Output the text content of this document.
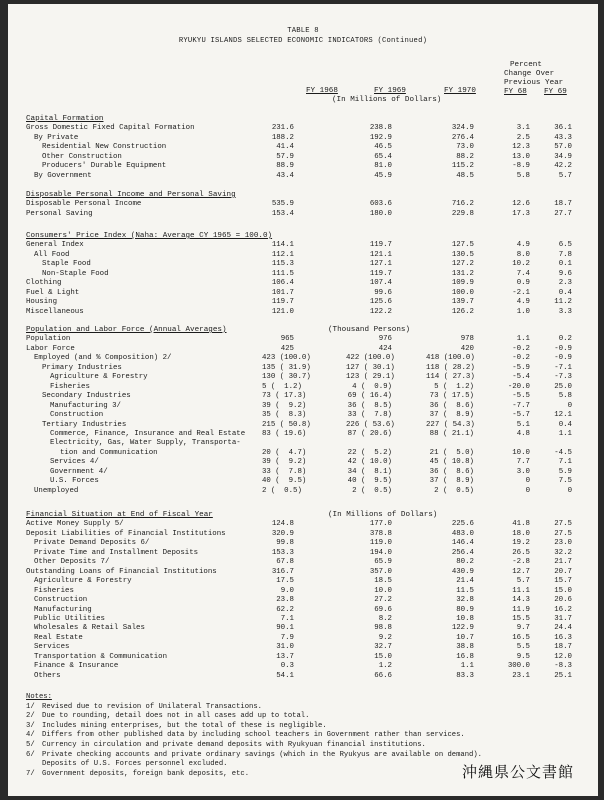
TABLE 8
RYUKYU ISLANDS SELECTED ECONOMIC INDICATORS (Continued)
Percent
Change Over
Previous Year
FY 68 FY 69
FY 1968	FY 1969	FY 1970
(In Millions of Dollars)
Capital Formation
Gross Domestic Fixed Capital Formation	231.6	238.8	324.9	3.1	36.1
By Private	188.2	192.9	276.4	2.5	43.3
Residential New Construction	41.4	46.5	73.0	12.3	57.0
Other Construction	57.9	65.4	88.2	13.0	34.9
Producers' Durable Equipment	88.9	81.0	115.2	-8.9	42.2
By Government	43.4	45.9	48.5	5.8	5.7
Disposable Personal Income and Personal Saving
Disposable Personal Income	535.9	603.6	716.2	12.6	18.7
Personal Saving	153.4	180.0	229.8	17.3	27.7
Consumers' Price Index (Naha: Average CY 1965 = 100.0)
General Index	114.1	119.7	127.5	4.9	6.5
All Food	112.1	121.1	130.5	8.0	7.8
Staple Food	115.3	127.1	127.2	10.2	0.1
Non-Staple Food	111.5	119.7	131.2	7.4	9.6
Clothing	106.4	107.4	109.9	0.9	2.3
Fuel & Light	101.7	99.6	100.0	-2.1	0.4
Housing	119.7	125.6	139.7	4.9	11.2
Miscellaneous	121.0	122.2	126.2	1.0	3.3
Population and Labor Force (Annual Averages)	(Thousand Persons)
Population	965	976	978	1.1	0.2
Labor Force	425	424	420	-0.2	-0.9
Employed (and % Composition) 2/	423 (100.0)	422 (100.0)	418 (100.0)	-0.2	-0.9
Primary Industries	135 ( 31.9)	127 ( 30.1)	118 ( 28.2)	-5.9	-7.1
Agriculture & Forestry	130 ( 30.7)	123 ( 29.1)	114 ( 27.3)	-5.4	-7.3
Fisheries	5 (  1.2)	4 (  0.9)	5 (  1.2)	-20.0	25.0
Secondary Industries	73 ( 17.3)	69 ( 16.4)	73 ( 17.5)	-5.5	5.8
Manufacturing 3/	39 (  9.2)	36 (  8.5)	36 (  8.6)	-7.7	0
Construction	35 (  8.3)	33 (  7.8)	37 (  8.9)	-5.7	12.1
Tertiary Industries	215 ( 50.8)	226 ( 53.6)	227 ( 54.3)	5.1	0.4
Commerce, Finance, Insurance and Real Estate 83 ( 19.6)	87 ( 20.6)	88 ( 21.1)	4.8	1.1
Electricity, Gas, Water Supply, Transporta-
tion and Communication	20 (  4.7)	22 (  5.2)	21 (  5.0)	10.0	-4.5
Services 4/	39 (  9.2)	42 ( 10.0)	45 ( 10.8)	7.7	7.1
Government 4/	33 (  7.8)	34 (  8.1)	36 (  8.6)	3.0	5.9
U.S. Forces	40 (  9.5)	40 (  9.5)	37 (  8.9)	0	7.5
Unemployed	2 (  0.5)	2 (  0.5)	2 (  0.5)	0	0
Financial Situation at End of Fiscal Year	(In Millions of Dollars)
Active Money Supply 5/	124.8	177.0	225.6	41.8	27.5
Deposit Liabilities of Financial Institutions	320.9	378.8	483.0	18.0	27.5
Private Demand Deposits 6/	99.8	119.0	146.4	19.2	23.0
Private Time and Installment Deposits	153.3	194.0	256.4	26.5	32.2
Other Deposits 7/	67.8	65.9	80.2	-2.8	21.7
Outstanding Loans of Financial Institutions	316.7	357.0	430.9	12.7	20.7
Agriculture & Forestry	17.5	18.5	21.4	5.7	15.7
Fisheries	9.0	10.0	11.5	11.1	15.0
Construction	23.8	27.2	32.8	14.3	20.6
Manufacturing	62.2	69.6	80.9	11.9	16.2
Public Utilities	7.1	8.2	10.8	15.5	31.7
Wholesales & Retail Sales	90.1	98.8	122.9	9.7	24.4
Real Estate	7.9	9.2	10.7	16.5	16.3
Services	31.0	32.7	38.8	5.5	18.7
Transportation & Communication	13.7	15.0	16.8	9.5	12.0
Finance & Insurance	0.3	1.2	1.1	300.0	-8.3
Others	54.1	66.6	83.3	23.1	25.1
Notes:
1/ Revised due to revision of Unilateral Transactions.
2/ Due to rounding, detail does not in all cases add up to total.
3/ Includes mining enterprises, but the total of these is negligible.
4/ Differs from other published data by including school teachers in Government rather than services.
5/ Currency in circulation and private demand deposits with Ryukyuan financial institutions.
6/ Private checking accounts and private ordinary savings (which in the Ryukyus are available on demand).
Deposits of U.S. Forces personnel excluded.
7/ Government deposits, foreign bank deposits, etc.	沖縄県公文書館
